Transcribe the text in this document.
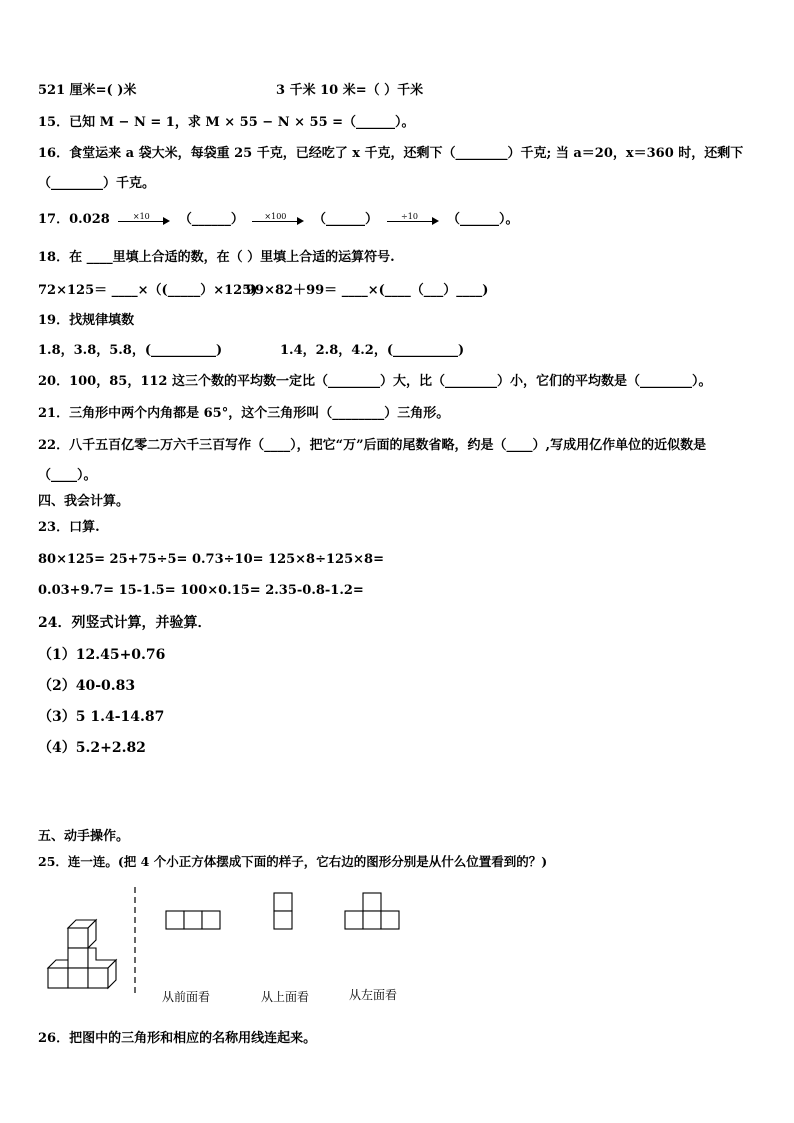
521 厘米=( )米	3 千米 10 米=（ ）千米
15．已知 M − N = 1，求 M × 55 − N × 55 =（______）。
16．食堂运来 a 袋大米，每袋重 25 千克，已经吃了 x 千克，还剩下（________）千克; 当 a＝20，x＝360 时，还剩下
（________）千克。
17．0.028	×10	（______）	×100	（______）	÷10	（______）。
18．在 ____里填上合适的数，在（ ）里填上合适的运算符号.
72×125＝ ____×（(_____）×125)
99×82＋99＝ ____×(____（___）____)
19．找规律填数
1.8，3.8，5.8，(__________)	1.4，2.8，4.2，(__________)
20．100，85，112 这三个数的平均数一定比（________）大，比（________）小，它们的平均数是（________）。
21．三角形中两个内角都是 65°，这个三角形叫（________）三角形。
22．八千五百亿零二万六千三百写作（____），把它“万”后面的尾数省略，约是（____）,写成用亿作单位的近似数是
（____）。
四、我会计算。
23．口算.
80×125= 25+75÷5= 0.73÷10= 125×8÷125×8=
0.03+9.7= 15-1.5= 100×0.15= 2.35-0.8-1.2=
24．列竖式计算，并验算．
（1）12.45+0.76
（2）40-0.83
（3）5 1.4-14.87
（4）5.2+2.82
五、动手操作。
25．连一连。(把 4 个小正方体摆成下面的样子，它右边的图形分别是从什么位置看到的？)
从前面看	从上面看	从左面看
26．把图中的三角形和相应的名称用线连起来。
